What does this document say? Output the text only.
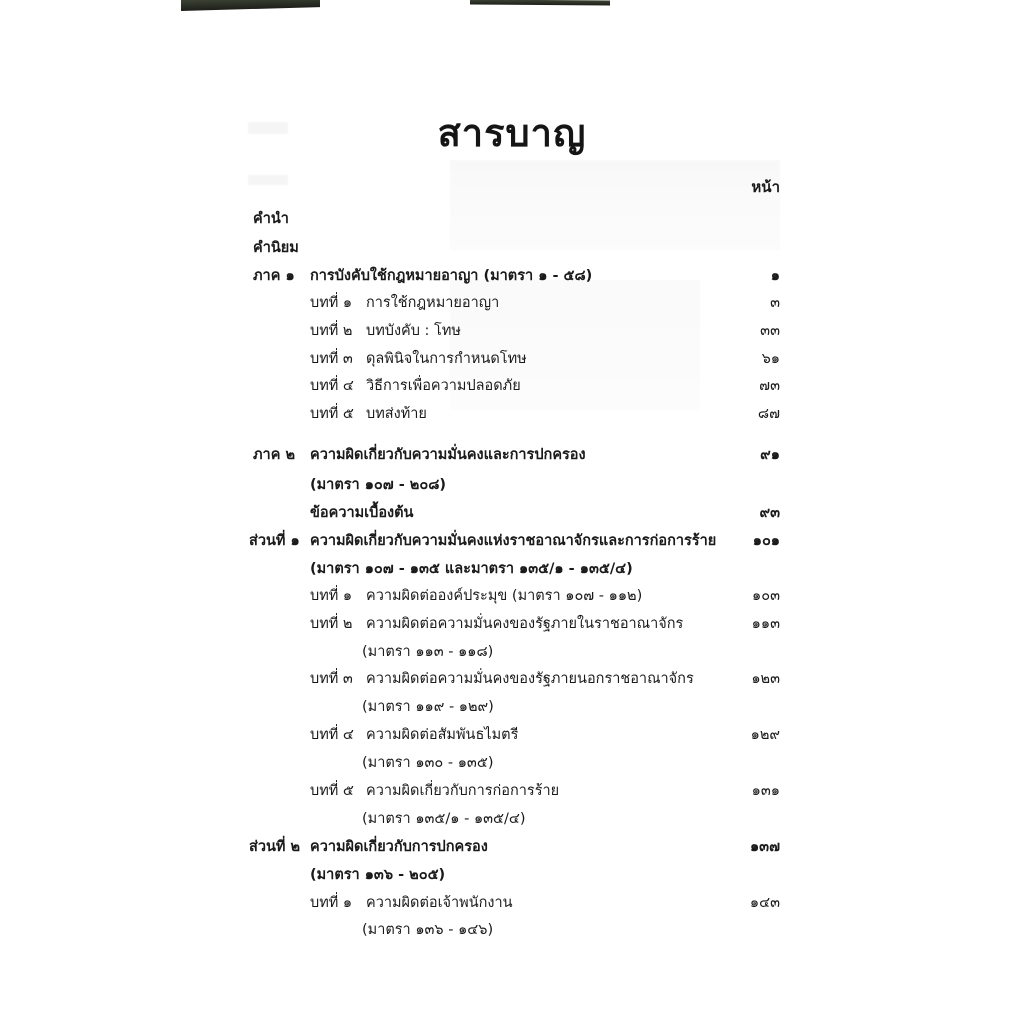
สารบาญ
หน้า
คำนำ
คำนิยม
ภาค ๑ การบังคับใช้กฎหมายอาญา (มาตรา ๑ - ๕๘)	๑
บทที่ ๑ การใช้กฎหมายอาญา	๓
บทที่ ๒ บทบังคับ : โทษ	๓๓
บทที่ ๓ ดุลพินิจในการกำหนดโทษ	๖๑
บทที่ ๔ วิธีการเพื่อความปลอดภัย	๗๓
บทที่ ๕ บทส่งท้าย	๘๗
ภาค ๒ ความผิดเกี่ยวกับความมั่นคงและการปกครอง	๙๑
(มาตรา ๑๐๗ - ๒๐๘)
ข้อความเบื้องต้น	๙๓
ส่วนที่ ๑ ความผิดเกี่ยวกับความมั่นคงแห่งราชอาณาจักรและการก่อการร้าย	๑๐๑
(มาตรา ๑๐๗ - ๑๓๕ และมาตรา ๑๓๕/๑ - ๑๓๕/๔)
บทที่ ๑ ความผิดต่อองค์ประมุข (มาตรา ๑๐๗ - ๑๑๒)	๑๐๓
บทที่ ๒ ความผิดต่อความมั่นคงของรัฐภายในราชอาณาจักร	๑๑๓
(มาตรา ๑๑๓ - ๑๑๘)
บทที่ ๓ ความผิดต่อความมั่นคงของรัฐภายนอกราชอาณาจักร	๑๒๓
(มาตรา ๑๑๙ - ๑๒๙)
บทที่ ๔ ความผิดต่อสัมพันธไมตรี	๑๒๙
(มาตรา ๑๓๐ - ๑๓๕)
บทที่ ๕ ความผิดเกี่ยวกับการก่อการร้าย	๑๓๑
(มาตรา ๑๓๕/๑ - ๑๓๕/๔)
ส่วนที่ ๒ ความผิดเกี่ยวกับการปกครอง	๑๓๗
(มาตรา ๑๓๖ - ๒๐๕)
บทที่ ๑ ความผิดต่อเจ้าพนักงาน	๑๔๓
(มาตรา ๑๓๖ - ๑๔๖)
